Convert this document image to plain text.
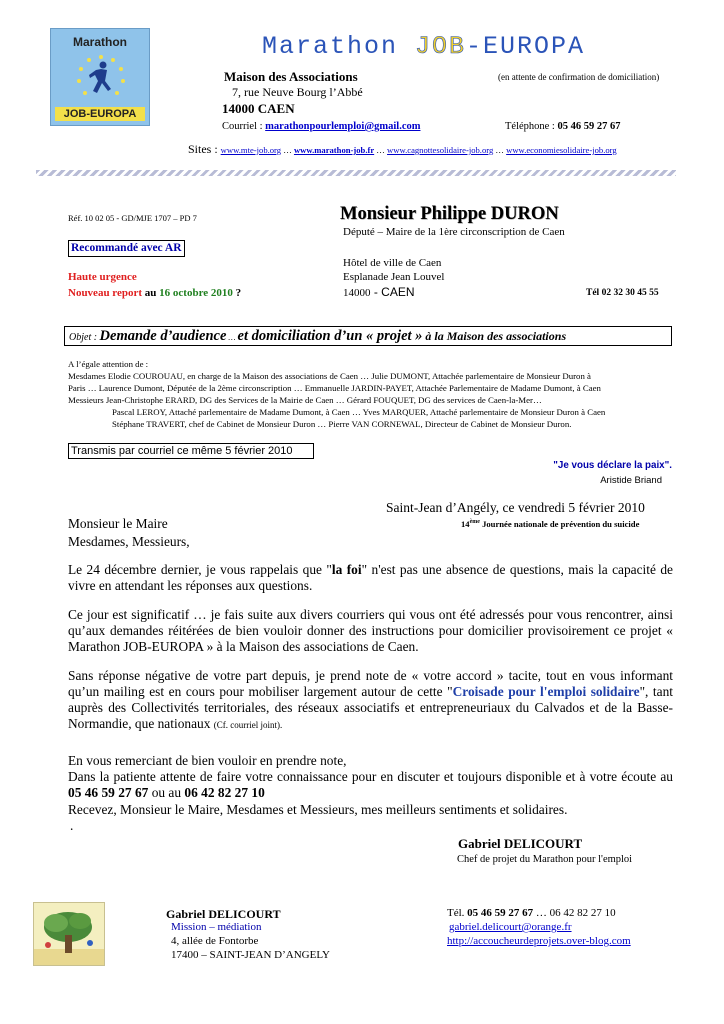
Marathon
JOB-EUROPA
Marathon JOB-EUROPA
Maison des Associations	(en attente de confirmation de domiciliation)
7, rue Neuve Bourg l’Abbé
14000 CAEN
Courriel : marathonpourlemploi@gmail.com	Téléphone : 05 46 59 27 67
Sites : www.mte-job.org … www.marathon-job.fr … www.cagnottesolidaire-job.org … www.economiesolidaire-job.org
Réf. 10 02 05 - GD/MJE 1707 – PD 7	Monsieur Philippe DURON
Député – Maire de la 1ère circonscription de Caen
Recommandé avec AR
Hôtel de ville de Caen
Haute urgence	Esplanade Jean Louvel
Nouveau report au 16 octobre 2010 ?	14000 - CAEN	Tél 02 32 30 45 55
Objet : Demande d’audience … et domiciliation d’un « projet » à la Maison des associations
A l’égale attention de :
Mesdames Elodie COUROUAU, en charge de la Maison des associations de Caen … Julie DUMONT, Attachée parlementaire de Monsieur Duron à
Paris … Laurence Dumont, Députée de la 2ème circonscription … Emmanuelle JARDIN-PAYET, Attachée Parlementaire de Madame Dumont, à Caen
Messieurs Jean-Christophe ERARD, DG des Services de la Mairie de Caen … Gérard FOUQUET, DG des services de Caen-la-Mer…
Pascal LEROY, Attaché parlementaire de Madame Dumont, à Caen … Yves MARQUER, Attaché parlementaire de Monsieur Duron à Caen
Stéphane TRAVERT, chef de Cabinet de Monsieur Duron … Pierre VAN CORNEWAL, Directeur de Cabinet de Monsieur Duron.
Transmis par courriel ce même 5 février 2010
"Je vous déclare la paix".
Aristide Briand
Saint-Jean d’Angély, ce vendredi 5 février 2010
14ème Journée nationale de prévention du suicide
Monsieur le Maire
Mesdames, Messieurs,
Le 24 décembre dernier, je vous rappelais que "la foi" n'est pas une absence de questions, mais la capacité de vivre en attendant les réponses aux questions.
Ce jour est significatif … je fais suite aux divers courriers qui vous ont été adressés pour vous rencontrer, ainsi qu’aux demandes réitérées de bien vouloir donner des instructions pour domicilier provisoirement ce projet « Marathon JOB-EUROPA » à la Maison des associations de Caen.
Sans réponse négative de votre part depuis, je prend note de « votre accord » tacite, tout en vous informant qu’un mailing est en cours pour mobiliser largement autour de cette "Croisade pour l'emploi solidaire", tant auprès des Collectivités territoriales, des réseaux associatifs et entrepreneuriaux du Calvados et de la Basse-Normandie, que nationaux (Cf. courriel joint).
En vous remerciant de bien vouloir en prendre note,
Dans la patiente attente de faire votre connaissance pour en discuter et toujours disponible et à votre écoute au 05 46 59 27 67 ou au 06 42 82 27 10
Recevez, Monsieur le Maire, Mesdames et Messieurs, mes meilleurs sentiments et solidaires.
.
Gabriel DELICOURT
Chef de projet du Marathon pour l'emploi
Gabriel DELICOURT
Mission – médiation
4, allée de Fontorbe
17400 – SAINT-JEAN D’ANGELY
Tél. 05 46 59 27 67 … 06 42 82 27 10
gabriel.delicourt@orange.fr
http://accoucheurdeprojets.over-blog.com
